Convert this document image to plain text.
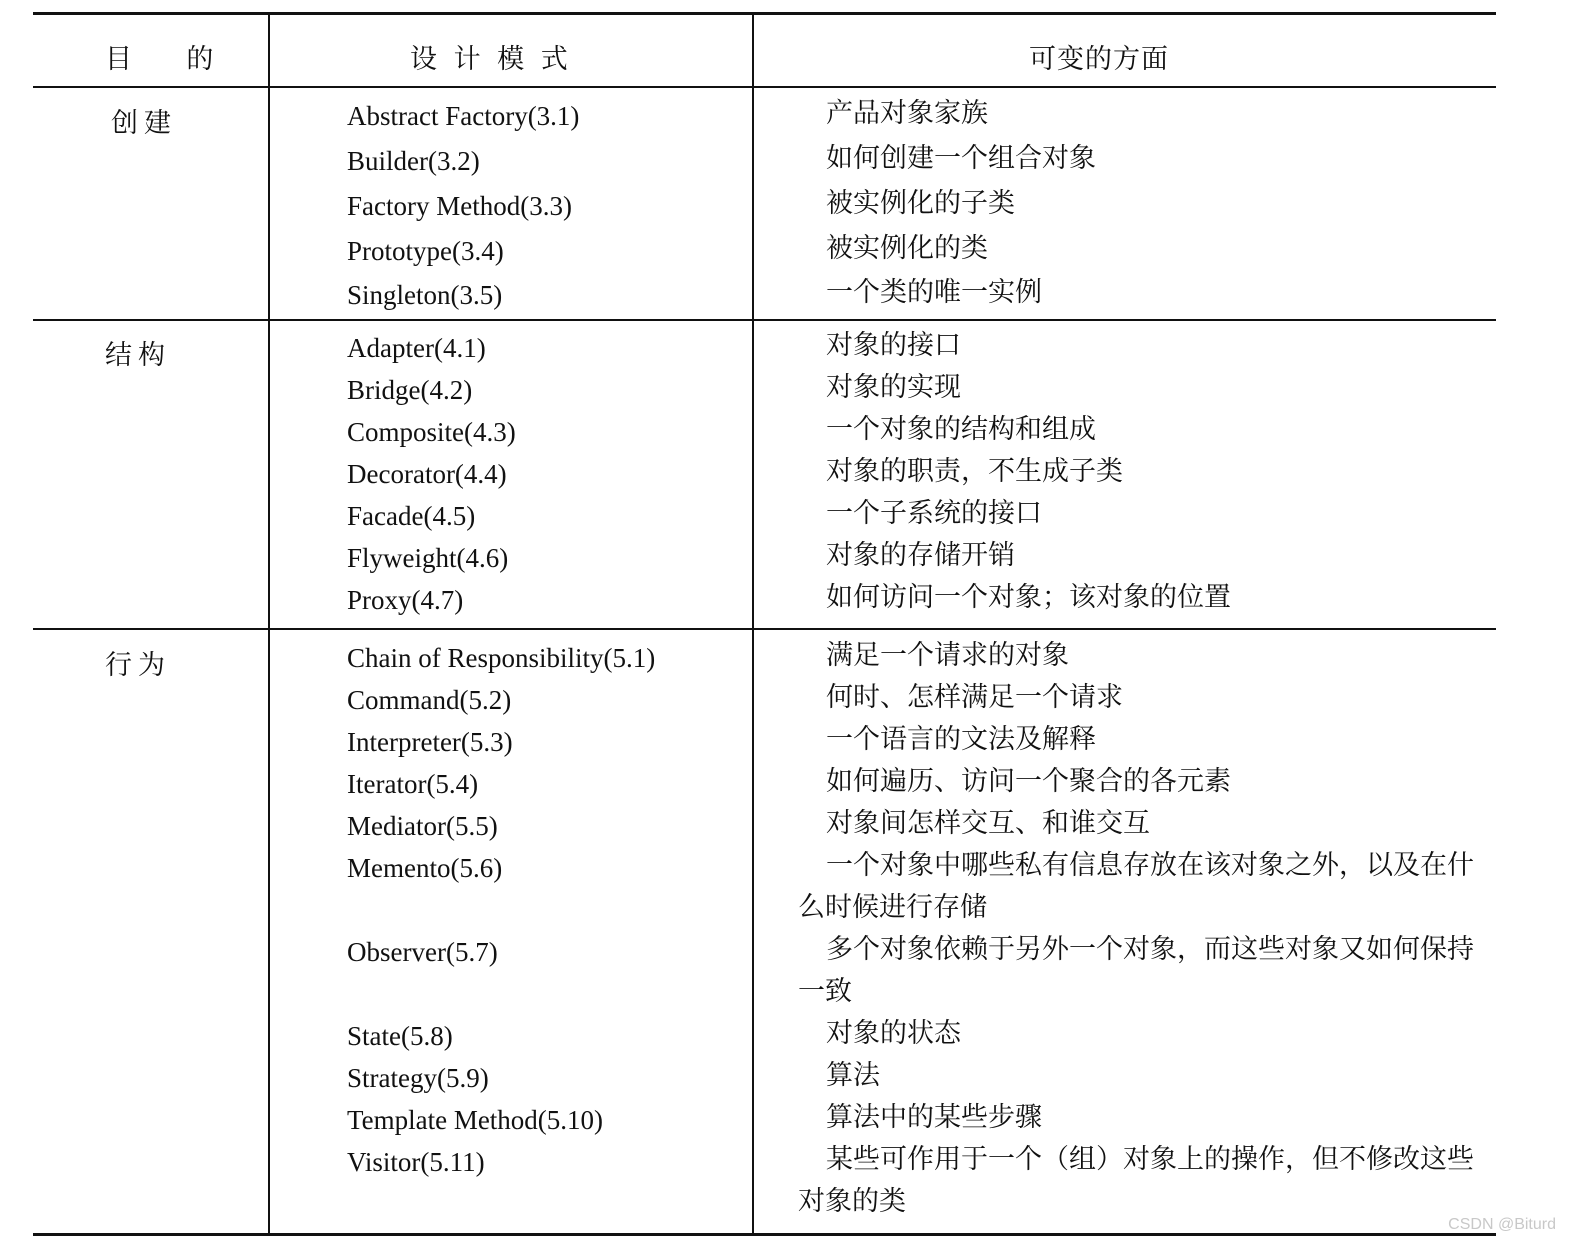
目    的	设 计 模 式	可变的方面
创建	Abstract Factory(3.1)	产品对象家族
Builder(3.2)	如何创建一个组合对象
Factory Method(3.3)	被实例化的子类
Prototype(3.4)	被实例化的类
Singleton(3.5)	一个类的唯一实例
结构	Adapter(4.1)	对象的接口
Bridge(4.2)	对象的实现
Composite(4.3)	一个对象的结构和组成
Decorator(4.4)	对象的职责，不生成子类
Facade(4.5)	一个子系统的接口
Flyweight(4.6)	对象的存储开销
Proxy(4.7)	如何访问一个对象；该对象的位置
行为	Chain of Responsibility(5.1)	满足一个请求的对象
Command(5.2)	何时、怎样满足一个请求
Interpreter(5.3)	一个语言的文法及解释
Iterator(5.4)	如何遍历、访问一个聚合的各元素
Mediator(5.5)	对象间怎样交互、和谁交互
Memento(5.6)	一个对象中哪些私有信息存放在该对象之外，以及在什么时候进行存储
Observer(5.7)	多个对象依赖于另外一个对象，而这些对象又如何保持一致
State(5.8)	对象的状态
Strategy(5.9)	算法
Template Method(5.10)	算法中的某些步骤
Visitor(5.11)	某些可作用于一个（组）对象上的操作，但不修改这些对象的类
CSDN @Biturd
